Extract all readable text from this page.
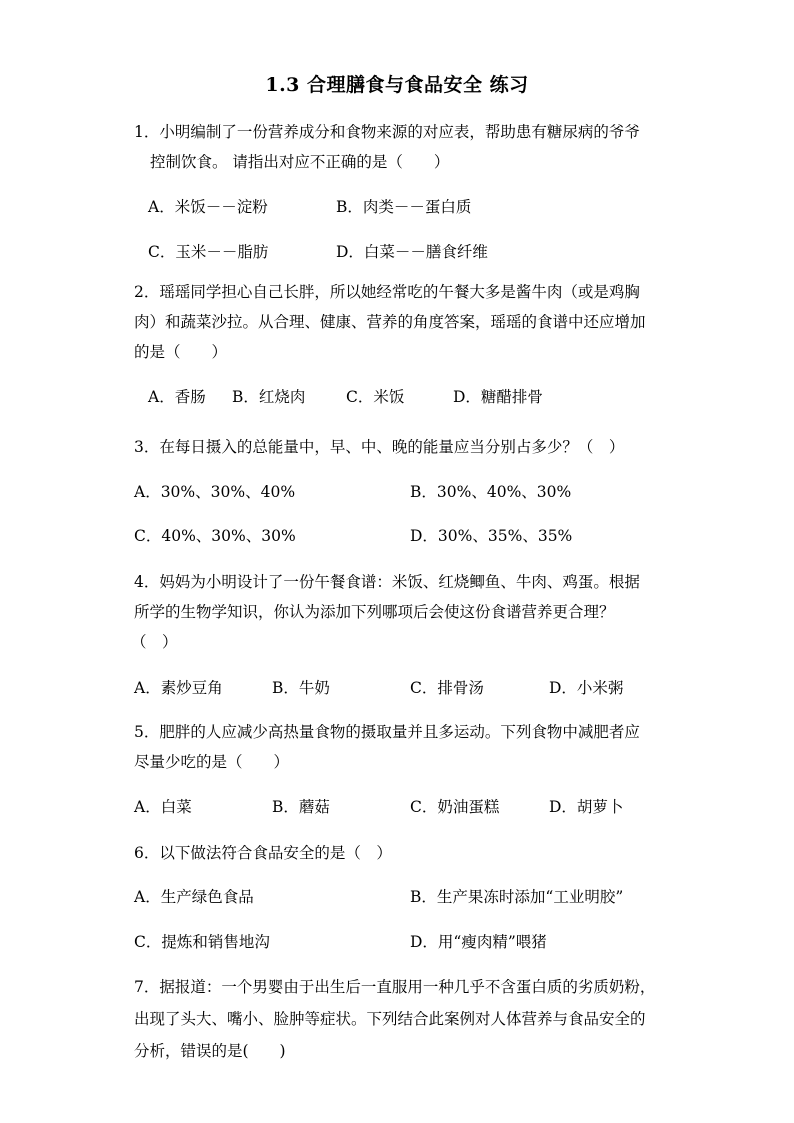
1.3 合理膳食与食品安全 练习
1．小明编制了一份营养成分和食物来源的对应表，帮助患有糖尿病的爷爷
控制饮食。 请指出对应不正确的是（　　）
A．米饭－－淀粉	B．肉类－－蛋白质
C．玉米－－脂肪	D．白菜－－膳食纤维
2．瑶瑶同学担心自己长胖，所以她经常吃的午餐大多是酱牛肉（或是鸡胸
肉）和蔬菜沙拉。从合理、健康、营养的角度答案，瑶瑶的食谱中还应增加
的是（　　）
A．香肠 B．红烧肉	C．米饭	D．糖醋排骨
3．在每日摄入的总能量中，早、中、晚的能量应当分别占多少？（　）
A．30%、30%、40%	B．30%、40%、30%
C．40%、30%、30%	D．30%、35%、35%
4．妈妈为小明设计了一份午餐食谱：米饭、红烧鲫鱼、牛肉、鸡蛋。根据
所学的生物学知识，你认为添加下列哪项后会使这份食谱营养更合理？
（　）
A．素炒豆角	B．牛奶	C．排骨汤	D．小米粥
5．肥胖的人应减少高热量食物的摄取量并且多运动。下列食物中减肥者应
尽量少吃的是（　　）
A．白菜	B．蘑菇	C．奶油蛋糕	D．胡萝卜
6．以下做法符合食品安全的是（　）
A．生产绿色食品	B．生产果冻时添加“工业明胶”
C．提炼和销售地沟	D．用“瘦肉精”喂猪
7．据报道：一个男婴由于出生后一直服用一种几乎不含蛋白质的劣质奶粉，
出现了头大、嘴小、脸肿等症状。下列结合此案例对人体营养与食品安全的
分析，错误的是(　　)
